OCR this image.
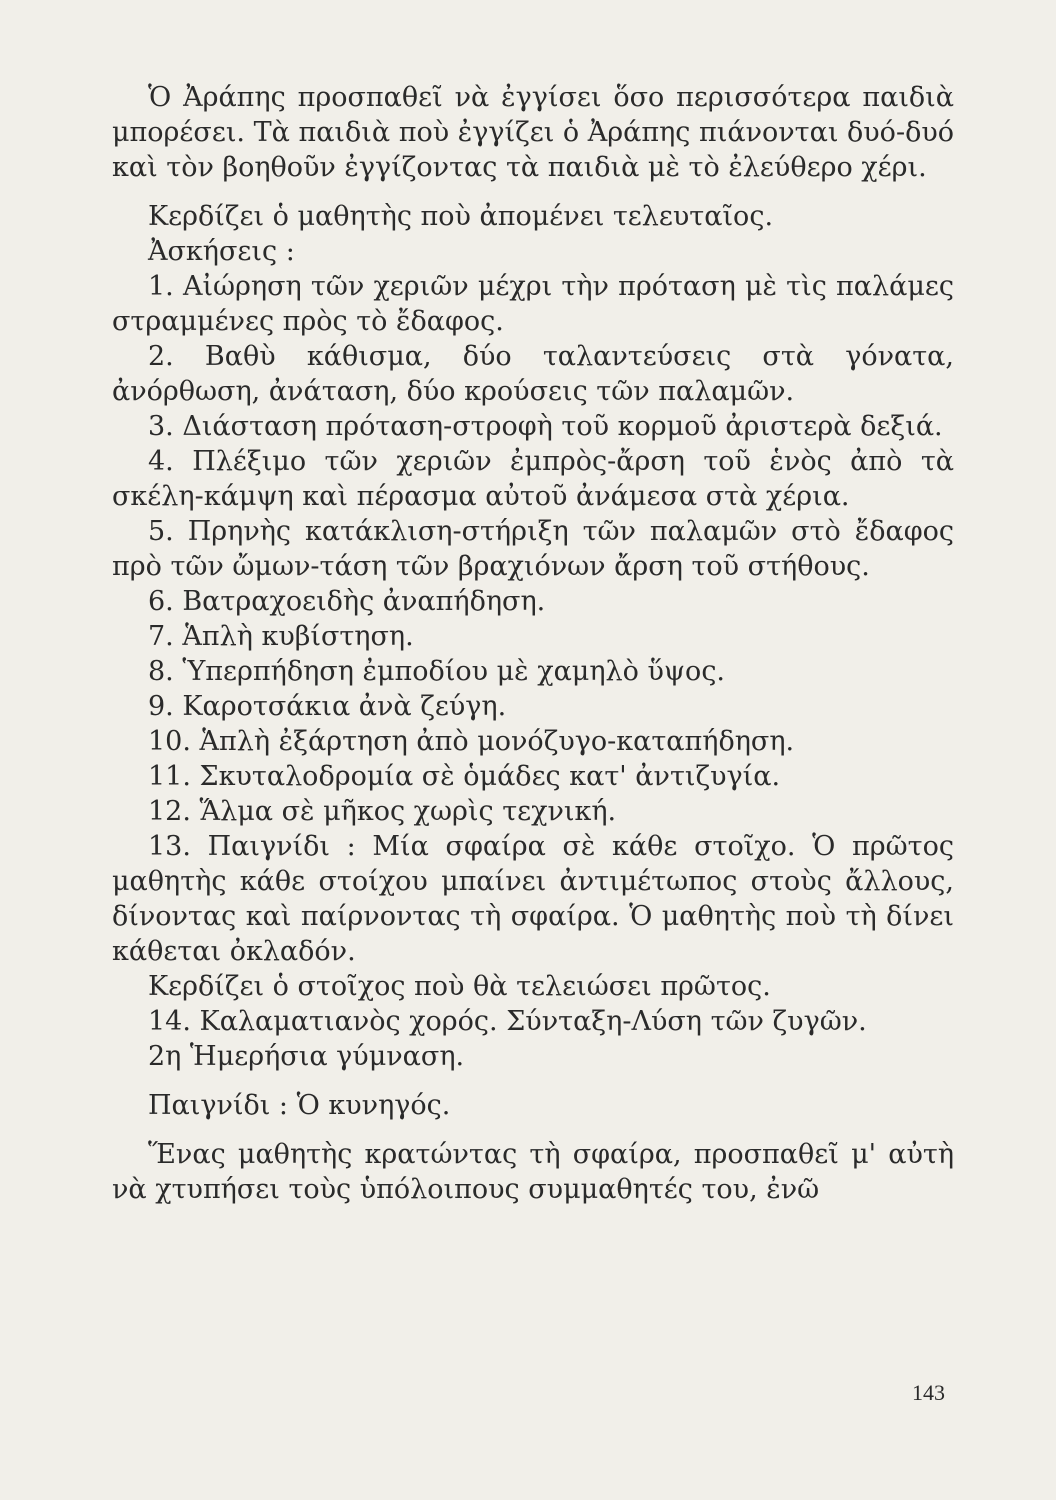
Ὁ Ἀράπης προσπαθεῖ νὰ ἐγγίσει ὅσο περισσότερα παιδιὰ μπορέσει. Τὰ παιδιὰ ποὺ ἐγγίζει ὁ Ἀράπης πιάνονται δυό-δυό καὶ τὸν βοηθοῦν ἐγγίζοντας τὰ παιδιὰ μὲ τὸ ἐλεύθερο χέρι.

Κερδίζει ὁ μαθητὴς ποὺ ἀπομένει τελευταῖος.

Ἀσκήσεις :

1. Αἰώρηση τῶν χεριῶν μέχρι τὴν πρόταση μὲ τὶς παλάμες στραμμένες πρὸς τὸ ἔδαφος.

2. Βαθὺ κάθισμα, δύο ταλαντεύσεις στὰ γόνατα, ἀνόρθωση, ἀνάταση, δύο κρούσεις τῶν παλαμῶν.

3. Διάσταση πρόταση-στροφὴ τοῦ κορμοῦ ἀριστερὰ δεξιά.

4. Πλέξιμο τῶν χεριῶν ἐμπρὸς-ἄρση τοῦ ἑνὸς ἀπὸ τὰ σκέλη-κάμψη καὶ πέρασμα αὐτοῦ ἀνάμεσα στὰ χέρια.

5. Πρηνὴς κατάκλιση-στήριξη τῶν παλαμῶν στὸ ἔδαφος πρὸ τῶν ὤμων-τάση τῶν βραχιόνων ἄρση τοῦ στήθους.

6. Βατραχοειδὴς ἀναπήδηση.

7. Ἁπλὴ κυβίστηση.

8. Ὑπερπήδηση ἐμποδίου μὲ χαμηλὸ ὕψος.

9. Καροτσάκια ἀνὰ ζεύγη.

10. Ἁπλὴ ἐξάρτηση ἀπὸ μονόζυγο-καταπήδηση.

11. Σκυταλοδρομία σὲ ὁμάδες κατ' ἀντιζυγία.

12. Ἅλμα σὲ μῆκος χωρὶς τεχνική.

13. Παιγνίδι : Μία σφαίρα σὲ κάθε στοῖχο. Ὁ πρῶτος μαθητὴς κάθε στοίχου μπαίνει ἀντιμέτωπος στοὺς ἄλλους, δίνοντας καὶ παίρνοντας τὴ σφαίρα. Ὁ μαθητὴς ποὺ τὴ δίνει κάθεται ὀκλαδόν.

Κερδίζει ὁ στοῖχος ποὺ θὰ τελειώσει πρῶτος.

14. Καλαματιανὸς χορός. Σύνταξη-Λύση τῶν ζυγῶν.

2η Ἡμερήσια γύμναση.

Παιγνίδι : Ὁ κυνηγός.

Ἕνας μαθητὴς κρατώντας τὴ σφαίρα, προσπαθεῖ μ' αὐτὴ νὰ χτυπήσει τοὺς ὑπόλοιπους συμμαθητές του, ἐνῶ

143
